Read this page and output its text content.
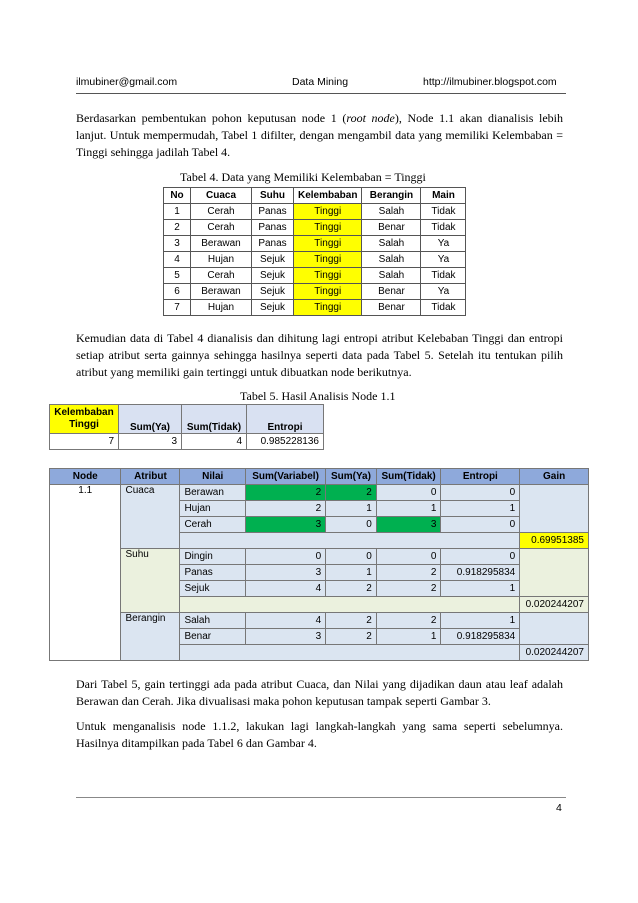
ilmubiner@gmail.com	Data Mining	http://ilmubiner.blogspot.com

Berdasarkan pembentukan pohon keputusan node 1 (root node), Node 1.1 akan dianalisis lebih lanjut. Untuk mempermudah, Tabel 1 difilter, dengan mengambil data yang memiliki Kelembaban = Tinggi sehingga jadilah Tabel 4.

Tabel 4. Data yang Memiliki Kelembaban = Tinggi
No	Cuaca	Suhu	Kelembaban	Berangin	Main
1	Cerah	Panas	Tinggi	Salah	Tidak
2	Cerah	Panas	Tinggi	Benar	Tidak
3	Berawan	Panas	Tinggi	Salah	Ya
4	Hujan	Sejuk	Tinggi	Salah	Ya
5	Cerah	Sejuk	Tinggi	Salah	Tidak
6	Berawan	Sejuk	Tinggi	Benar	Ya
7	Hujan	Sejuk	Tinggi	Benar	Tidak

Kemudian data di Tabel 4 dianalisis dan dihitung lagi entropi atribut Kelebaban Tinggi dan entropi setiap atribut serta gainnya sehingga hasilnya seperti data pada Tabel 5. Setelah itu tentukan pilih atribut yang memiliki gain tertinggi untuk dibuatkan node berikutnya.

Tabel 5. Hasil Analisis Node 1.1
Kelembaban
Tinggi	Sum(Ya)	Sum(Tidak)	Entropi
7	3	4	0.985228136
Node	Atribut	Nilai	Sum(Variabel)	Sum(Ya)	Sum(Tidak)	Entropi	Gain
1.1	Cuaca	Berawan	2	2	0	0	
		Hujan	2	1	1	1	
		Cerah	3	0	3	0	
							0.69951385
	Suhu	Dingin	0	0	0	0	
		Panas	3	1	2	0.918295834	
		Sejuk	4	2	2	1	
							0.020244207
	Berangin	Salah	4	2	2	1	
		Benar	3	2	1	0.918295834	
							0.020244207

Dari Tabel 5, gain tertinggi ada pada atribut Cuaca, dan Nilai yang dijadikan daun atau leaf adalah Berawan dan Cerah. Jika divualisasi maka pohon keputusan tampak seperti Gambar 3.

Untuk menganalisis node 1.1.2, lakukan lagi langkah-langkah yang sama seperti sebelumnya. Hasilnya ditampilkan pada Tabel 6 dan Gambar 4.

4
